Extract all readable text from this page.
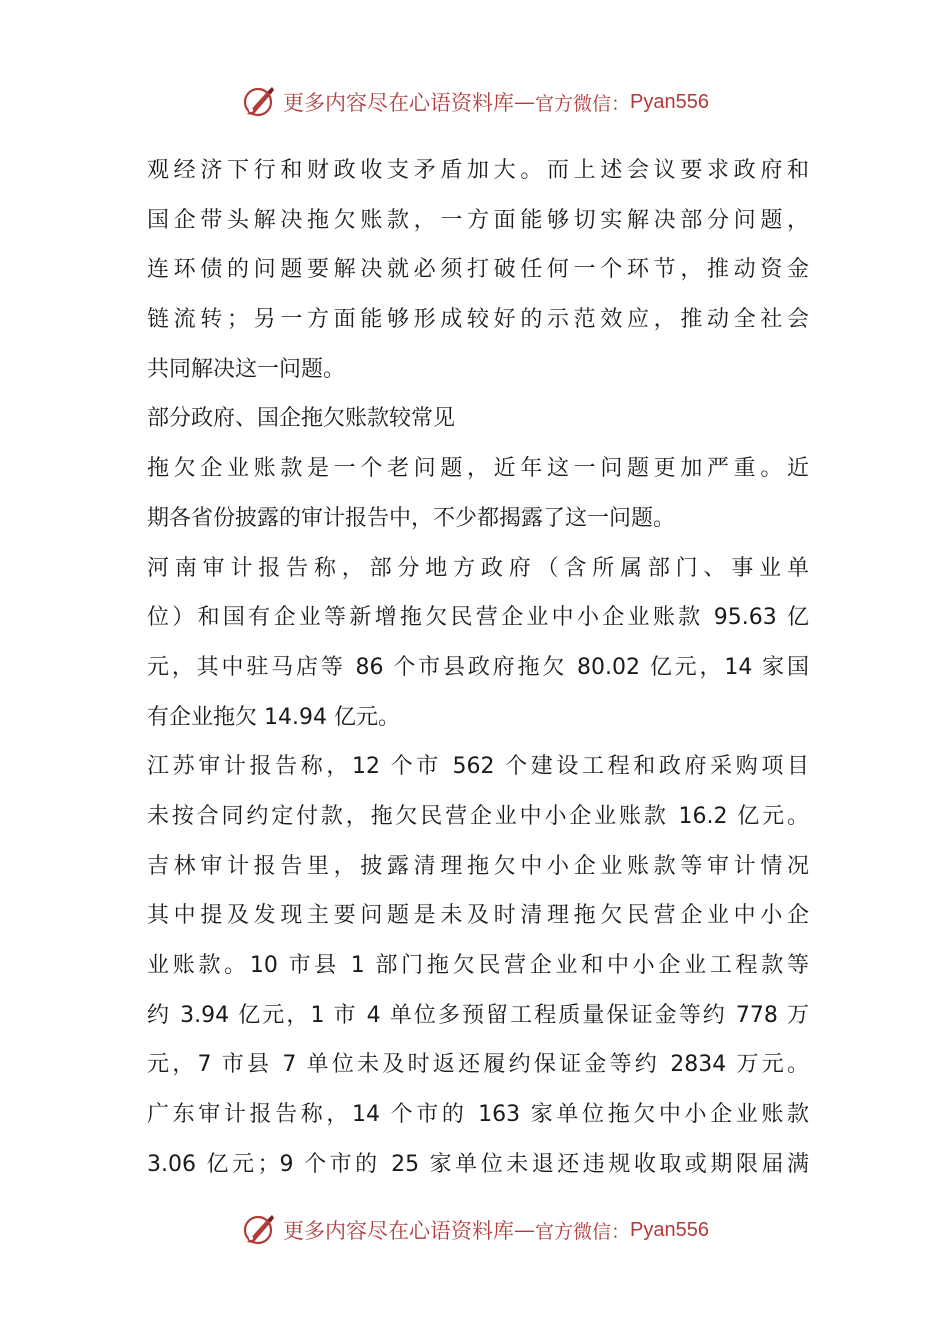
更多内容尽在心语资料库 — 官方微信： Pyan556
观经济下行和财政收支矛盾加大。而上述会议要求政府和
国企带头解决拖欠账款，一方面能够切实解决部分问题，
连环债的问题要解决就必须打破任何一个环节，推动资金
链流转；另一方面能够形成较好的示范效应，推动全社会
共同解决这一问题。
部分政府、国企拖欠账款较常见
拖欠企业账款是一个老问题，近年这一问题更加严重。近
期各省份披露的审计报告中，不少都揭露了这一问题。
河南审计报告称，部分地方政府（含所属部门、事业单
位）和国有企业等新增拖欠民营企业中小企业账款 95.63 亿
元，其中驻马店等 86 个市县政府拖欠 80.02 亿元，14 家国
有企业拖欠 14.94 亿元。
江苏审计报告称，12 个市 562 个建设工程和政府采购项目
未按合同约定付款，拖欠民营企业中小企业账款 16.2 亿元。
吉林审计报告里，披露清理拖欠中小企业账款等审计情况
其中提及发现主要问题是未及时清理拖欠民营企业中小企
业账款。10 市县 1 部门拖欠民营企业和中小企业工程款等
约 3.94 亿元，1 市 4 单位多预留工程质量保证金等约 778 万
元，7 市县 7 单位未及时返还履约保证金等约 2834 万元。
广东审计报告称，14 个市的 163 家单位拖欠中小企业账款
3.06 亿元；9 个市的 25 家单位未退还违规收取或期限届满
更多内容尽在心语资料库 — 官方微信： Pyan556
